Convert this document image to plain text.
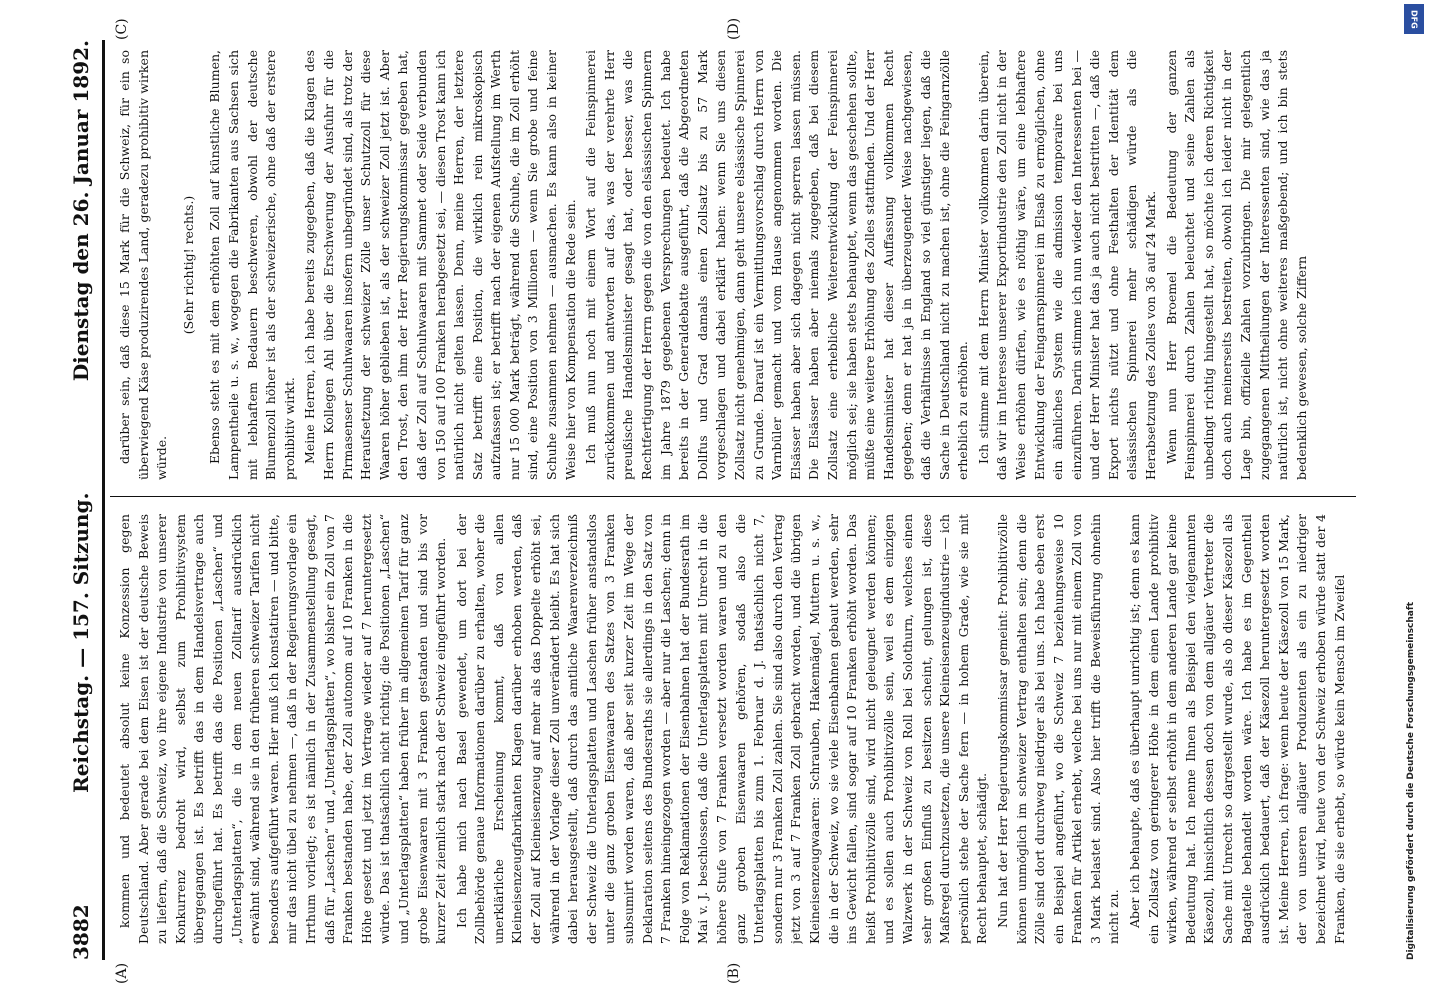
3882
Reichstag. — 157. Sitzung.
Dienstag den 26. Januar 1892.
(A)	(B)
(C)	(D)

kommen und bedeutet absolut keine Konzession gegen Deutschland. Aber gerade bei dem Eisen ist der deutsche Beweis zu liefern, daß die Schweiz, wo ihre eigene Industrie von unserer Konkurrenz bedroht wird, selbst zum Prohibitivsystem übergegangen ist. Es betrifft das in dem Handelsvertrage auch durchgeführt hat. Es betrifft das die Positionen „Laschen“ und „Unterlagsplatten“, die in dem neuen Zolltarif ausdrücklich erwähnt sind, während sie in den früheren schweizer Tarifen nicht besonders aufgeführt waren. Hier muß ich konstatiren — und bitte, mir das nicht übel zu nehmen —, daß in der Regierungsvorlage ein Irrthum vorliegt; es ist nämlich in der Zusammenstellung gesagt, daß für „Laschen“ und „Unterlagsplatten“, wo bisher ein Zoll von 7 Franken bestanden habe, der Zoll autonom auf 10 Franken in die Höhe gesetzt und jetzt im Vertrage wieder auf 7 heruntergesetzt würde. Das ist thatsächlich nicht richtig; die Positionen „Laschen“ und „Unterlagsplatten“ haben früher im allgemeinen Tarif für ganz grobe Eisenwaaren mit 3 Franken gestanden und sind bis vor kurzer Zeit ziemlich stark nach der Schweiz eingeführt worden. Ich habe mich nach Basel gewendet, um dort bei der Zollbehörde genaue Informationen darüber zu erhalten, woher die unerklärliche Erscheinung kommt, daß von allen Kleineisenzeugfabrikanten Klagen darüber erhoben werden, daß der Zoll auf Kleineisenzeug auf mehr als das Doppelte erhöht sei, während in der Vorlage dieser Zoll unverändert bleibt. Es hat sich dabei herausgestellt, daß durch das amtliche Waarenverzeichniß der Schweiz die Unterlagsplatten und Laschen früher anstandslos unter die ganz groben Eisenwaaren des Satzes von 3 Franken subsumirt worden waren, daß aber seit kurzer Zeit im Wege der Deklaration seitens des Bundesraths sie allerdings in den Satz von 7 Franken hineingezogen worden — aber nur die Laschen; denn in Folge von Reklamationen der Eisenbahnen hat der Bundesrath im Mai v. J. beschlossen, daß die Unterlagsplatten mit Unrecht in die höhere Stufe von 7 Franken versetzt worden waren und zu den ganz groben Eisenwaaren gehören, sodaß also die Unterlagsplatten bis zum 1. Februar d. J. thatsächlich nicht 7, sondern nur 3 Franken Zoll zahlen. Sie sind also durch den Vertrag jetzt von 3 auf 7 Franken Zoll gebracht worden, und die übrigen Kleineisenzeugwaaren: Schrauben, Hakennägel, Muttern u. s. w., die in der Schweiz, wo sie viele Eisenbahnen gebaut werden, sehr ins Gewicht fallen, sind sogar auf 10 Franken erhöht worden. Das heißt Prohibitivzölle sind, wird nicht geleugnet werden können; und es sollen auch Prohibitivzölle sein, weil es dem einzigen Walzwerk in der Schweiz von Roll bei Solothurn, welches einen sehr großen Einfluß zu besitzen scheint, gelungen ist, diese Maßregel durchzusetzen, die unsere Kleineisenzeugindustrie — ich persönlich stehe der Sache fern — in hohem Grade, wie sie mit Recht behauptet, schädigt. Nun hat der Herr Regierungskommissar gemeint: Prohibitivzölle können unmöglich im schweizer Vertrag enthalten sein; denn die Zölle sind dort durchweg niedriger als bei uns. Ich habe eben erst ein Beispiel angeführt, wo die Schweiz 7 beziehungsweise 10 Franken für Artikel erhebt, welche bei uns nur mit einem Zoll von 3 Mark belastet sind. Also hier trifft die Beweisführung ohnehin nicht zu. Aber ich behaupte, daß es überhaupt unrichtig ist; denn es kann ein Zollsatz von geringerer Höhe in dem einen Lande prohibitiv wirken, während er selbst erhöht in dem anderen Lande gar keine Bedeutung hat. Ich nenne Ihnen als Beispiel den vielgenannten Käsezoll, hinsichtlich dessen doch von dem allgäuer Vertreter die Sache mit Unrecht so dargestellt wurde, als ob dieser Käsezoll als Bagatelle behandelt worden wäre. Ich habe es im Gegentheil ausdrücklich bedauert, daß der Käsezoll heruntergesetzt worden ist. Meine Herren, ich frage: wenn heute der Käsezoll von 15 Mark, der von unseren allgäuer Produzenten als ein zu niedriger bezeichnet wird, heute von der Schweiz erhoben würde statt der 4 Franken, die sie erhebt, so würde kein Mensch im Zweifel

darüber sein, daß diese 15 Mark für die Schweiz, für ein so überwiegend Käse produzirendes Land, geradezu prohibitiv wirken würde.

(Sehr richtig! rechts.) Ebenso steht es mit dem erhöhten Zoll auf künstliche Blumen, Lampentheile u. s. w., wogegen die Fabrikanten aus Sachsen sich mit lebhaftem Bedauern beschweren, obwohl der deutsche Blumenzoll höher ist als der schweizerische, ohne daß der erstere prohibitiv wirkt. Meine Herren, ich habe bereits zugegeben, daß die Klagen des Herrn Kollegen Ahl über die Erschwerung der Ausfuhr für die Pirmasenser Schuhwaaren insofern unbegründet sind, als trotz der Heraufsetzung der schweizer Zölle unser Schutzzoll für diese Waaren höher geblieben ist, als der schweizer Zoll jetzt ist. Aber den Trost, den ihm der Herr Regierungskommissar gegeben hat, daß der Zoll auf Schuhwaaren mit Sammet oder Seide verbunden von 150 auf 100 Franken herabgesetzt sei, — diesen Trost kann ich natürlich nicht gelten lassen. Denn, meine Herren, der letztere Satz betrifft eine Position, die wirklich rein mikroskopisch aufzufassen ist; er betrifft nach der eigenen Aufstellung im Werth nur 15 000 Mark beträgt, während die Schuhe, die im Zoll erhöht sind, eine Position von 3 Millionen — wenn Sie grobe und feine Schuhe zusammen nehmen — ausmachen. Es kann also in keiner Weise hier von Kompensation die Rede sein. Ich muß nun noch mit einem Wort auf die Feinspinnerei zurückkommen und antworten auf das, was der verehrte Herr preußische Handelsminister gesagt hat, oder besser, was die Rechtfertigung der Herrn gegen die von den elsässischen Spinnern im Jahre 1879 gegebenen Versprechungen bedeutet. Ich habe bereits in der Generaldebatte ausgeführt, daß die Abgeordneten Dollfus und Grad damals einen Zollsatz bis zu 57 Mark vorgeschlagen und dabei erklärt haben: wenn Sie uns diesen Zollsatz nicht genehmigen, dann geht unsere elsässische Spinnerei zu Grunde. Darauf ist ein Vermittlungsvorschlag durch Herrn von Varnbüler gemacht und vom Hause angenommen worden. Die Elsässer haben aber sich dagegen nicht sperren lassen müssen. Die Elsässer haben aber niemals zugegeben, daß bei diesem Zollsatz eine erhebliche Weiterentwicklung der Feinspinnerei möglich sei; sie haben stets behauptet, wenn das geschehen sollte, müßte eine weitere Erhöhung des Zolles stattfinden. Und der Herr Handelsminister hat dieser Auffassung vollkommen Recht gegeben; denn er hat ja in überzeugender Weise nachgewiesen, daß die Verhältnisse in England so viel günstiger liegen, daß die Sache in Deutschland nicht zu machen ist, ohne die Feingarnzölle erheblich zu erhöhen. Ich stimme mit dem Herrn Minister vollkommen darin überein, daß wir im Interesse unserer Exportindustrie den Zoll nicht in der Weise erhöhen dürfen, wie es nöthig wäre, um eine lebhaftere Entwicklung der Feingarnspinnerei im Elsaß zu ermöglichen, ohne ein ähnliches System wie die admission temporaire bei uns einzuführen. Darin stimme ich nun wieder den Interessenten bei — und der Herr Minister hat das ja auch nicht bestritten —, daß die Export nichts nützt und ohne Festhalten der Identität dem elsässischen Spinnerei mehr schädigen würde als die Herabsetzung des Zolles von 36 auf 24 Mark. Wenn nun Herr Broemel die Bedeutung der ganzen Feinspinnerei durch Zahlen beleuchtet und seine Zahlen als unbedingt richtig hingestellt hat, so möchte ich deren Richtigkeit doch auch meinerseits bestreiten, obwohl ich leider nicht in der Lage bin, offizielle Zahlen vorzubringen. Die mir gelegentlich zugegangenen Mittheilungen der Interessenten sind, wie das ja natürlich ist, nicht ohne weiteres maßgebend; und ich bin stets bedenklich gewesen, solche Ziffern

DFG
Digitalisierung gefördert durch die Deutsche Forschungsgemeinschaft
